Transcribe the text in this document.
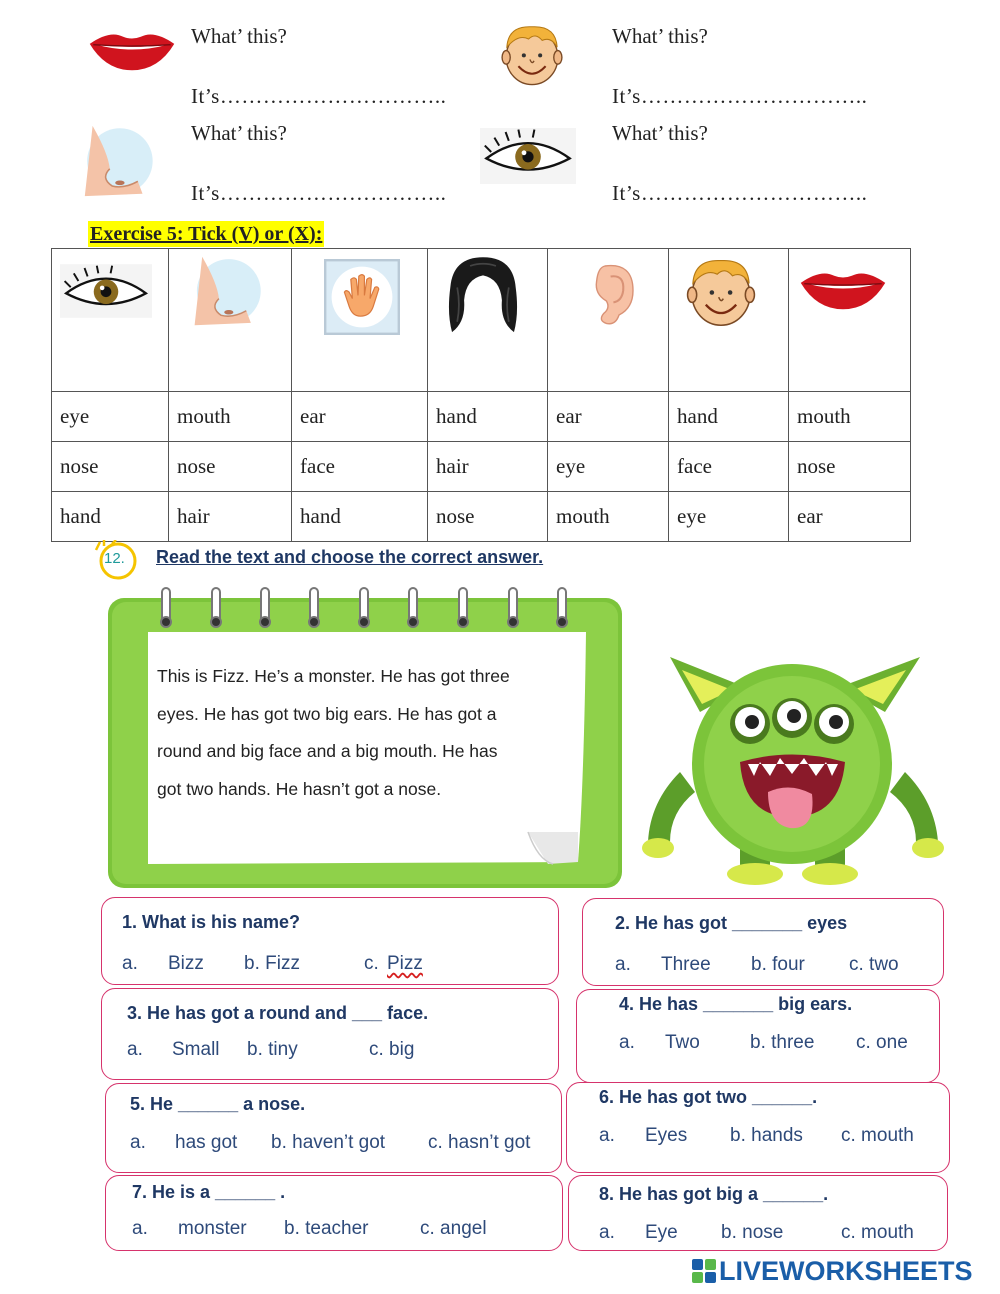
What’ this?
It’s…………………………..
What’ this?
It’s…………………………..
What’ this?
It’s…………………………..
What’ this?
It’s…………………………..
Exercise 5: Tick (V) or (X):

eye	mouth	ear	hand	ear	hand	mouth
nose	nose	face	hair	eye	face	nose
hand	hair	hand	nose	mouth	eye	ear
12. Read the text and choose the correct answer.
This is Fizz. He’s a monster. He has got three
eyes. He has got two big ears. He has got a
round and big face and a big mouth. He has
got two hands. He hasn’t got a nose.
1. What is his name?
a. Bizz b. Fizz	c. Pizz
2. He has got _______ eyes
a. Three b. four c. two
3. He has got a round and ___ face.
a. Small b. tiny	c. big
4. He has _______ big ears.
a. Two	b. three c. one
5. He ______ a nose.
a. has got b. haven’t got c. hasn’t got
6. He has got two ______.
a. Eyes b. hands c. mouth
7. He is a ______ .
a. monster b. teacher	c. angel
8. He has got big a ______.
a. Eye b. nose	c. mouth
LIVEWORKSHEETS
